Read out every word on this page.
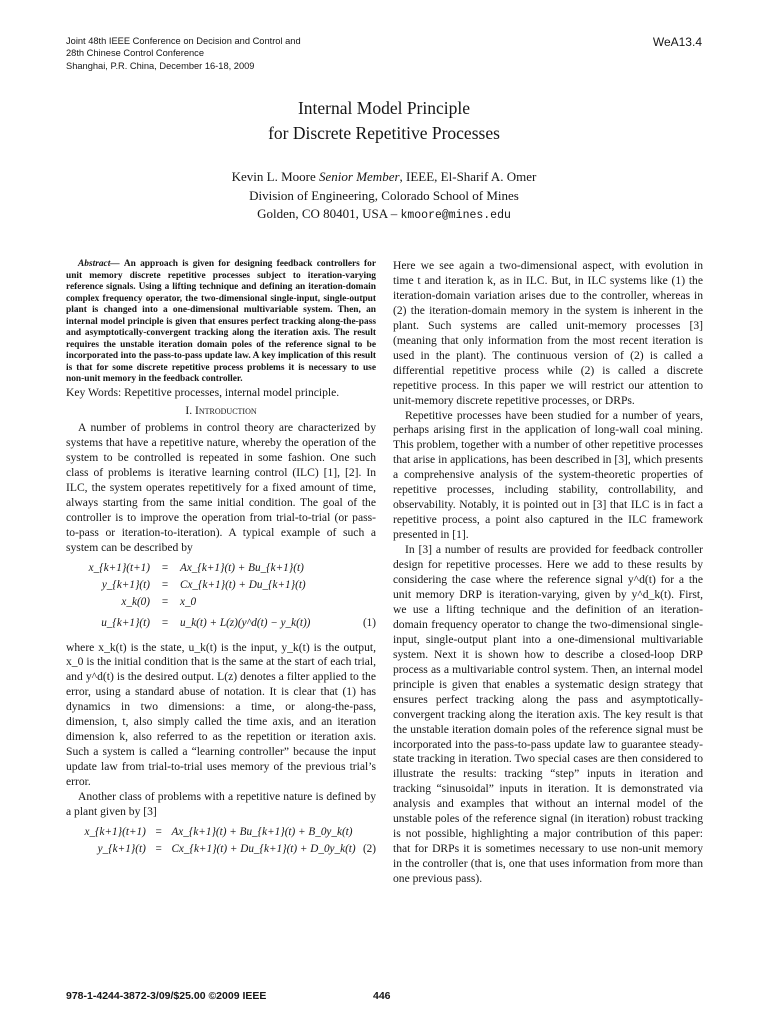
Joint 48th IEEE Conference on Decision and Control and
28th Chinese Control Conference
Shanghai, P.R. China, December 16-18, 2009
WeA13.4
Internal Model Principle
for Discrete Repetitive Processes
Kevin L. Moore Senior Member, IEEE, El-Sharif A. Omer
Division of Engineering, Colorado School of Mines
Golden, CO 80401, USA – kmoore@mines.edu

Abstract— An approach is given for designing feedback controllers for unit memory discrete repetitive processes subject to iteration-varying reference signals. Using a lifting technique and defining an iteration-domain complex frequency operator, the two-dimensional single-input, single-output plant is changed into a one-dimensional multivariable system. Then, an internal model principle is given that ensures perfect tracking along-the-pass and asymptotically-convergent tracking along the iteration axis. The result requires the unstable iteration domain poles of the reference signal to be incorporated into the pass-to-pass update law. A key implication of this result is that for some discrete repetitive process problems it is necessary to use non-unit memory in the feedback controller.

Key Words: Repetitive processes, internal model principle.

I. Introduction

A number of problems in control theory are characterized by systems that have a repetitive nature, whereby the operation of the system to be controlled is repeated in some fashion. One such class of problems is iterative learning control (ILC) [1], [2]. In ILC, the system operates repetitively for a fixed amount of time, always starting from the same initial condition. The goal of the controller is to improve the operation from trial-to-trial (or pass-to-pass or iteration-to-iteration). A typical example of such a system can be described by

x_{k+1}(t+1)	=	Ax_{k+1}(t) + Bu_{k+1}(t)	
y_{k+1}(t)	=	Cx_{k+1}(t) + Du_{k+1}(t)	
x_k(0)	=	x_0	
u_{k+1}(t)	=	u_k(t) + L(z)(y^d(t) − y_k(t))	(1)

where x_k(t) is the state, u_k(t) is the input, y_k(t) is the output, x_0 is the initial condition that is the same at the start of each trial, and y^d(t) is the desired output. L(z) denotes a filter applied to the error, using a standard abuse of notation. It is clear that (1) has dynamics in two dimensions: a time, or along-the-pass, dimension, t, also simply called the time axis, and an iteration dimension k, also referred to as the repetition or iteration axis. Such a system is called a “learning controller” because the input update law from trial-to-trial uses memory of the previous trial’s error.

Another class of problems with a repetitive nature is defined by a plant given by [3]

x_{k+1}(t+1)	=	Ax_{k+1}(t) + Bu_{k+1}(t) + B_0y_k(t)	
y_{k+1}(t)	=	Cx_{k+1}(t) + Du_{k+1}(t) + D_0y_k(t)	(2)

Here we see again a two-dimensional aspect, with evolution in time t and iteration k, as in ILC. But, in ILC systems like (1) the iteration-domain variation arises due to the controller, whereas in (2) the iteration-domain memory in the system is inherent in the plant. Such systems are called unit-memory processes [3] (meaning that only information from the most recent iteration is used in the plant). The continuous version of (2) is called a differential repetitive process while (2) is called a discrete repetitive process. In this paper we will restrict our attention to unit-memory discrete repetitive processes, or DRPs.

Repetitive processes have been studied for a number of years, perhaps arising first in the application of long-wall coal mining. This problem, together with a number of other repetitive processes that arise in applications, has been described in [3], which presents a comprehensive analysis of the system-theoretic properties of repetitive processes, including stability, controllability, and observability. Notably, it is pointed out in [3] that ILC is in fact a repetitive process, a point also captured in the ILC framework presented in [1].

In [3] a number of results are provided for feedback controller design for repetitive processes. Here we add to these results by considering the case where the reference signal y^d(t) for a the unit memory DRP is iteration-varying, given by y^d_k(t). First, we use a lifting technique and the definition of an iteration-domain frequency operator to change the two-dimensional single-input, single-output plant into a one-dimensional multivariable system. Next it is shown how to describe a closed-loop DRP process as a multivariable control system. Then, an internal model principle is given that enables a systematic design strategy that ensures perfect tracking along the pass and asymptotically-convergent tracking along the iteration axis. The key result is that the unstable iteration domain poles of the reference signal must be incorporated into the pass-to-pass update law to guarantee steady-state tracking in iteration. Two special cases are then considered to illustrate the results: tracking “step” inputs in iteration and tracking “sinusoidal” inputs in iteration. It is demonstrated via analysis and examples that without an internal model of the unstable poles of the reference signal (in iteration) robust tracking is not possible, highlighting a major contribution of this paper: that for DRPs it is sometimes necessary to use non-unit memory in the controller (that is, one that uses information from more than one previous pass).

978-1-4244-3872-3/09/$25.00 ©2009 IEEE	446
